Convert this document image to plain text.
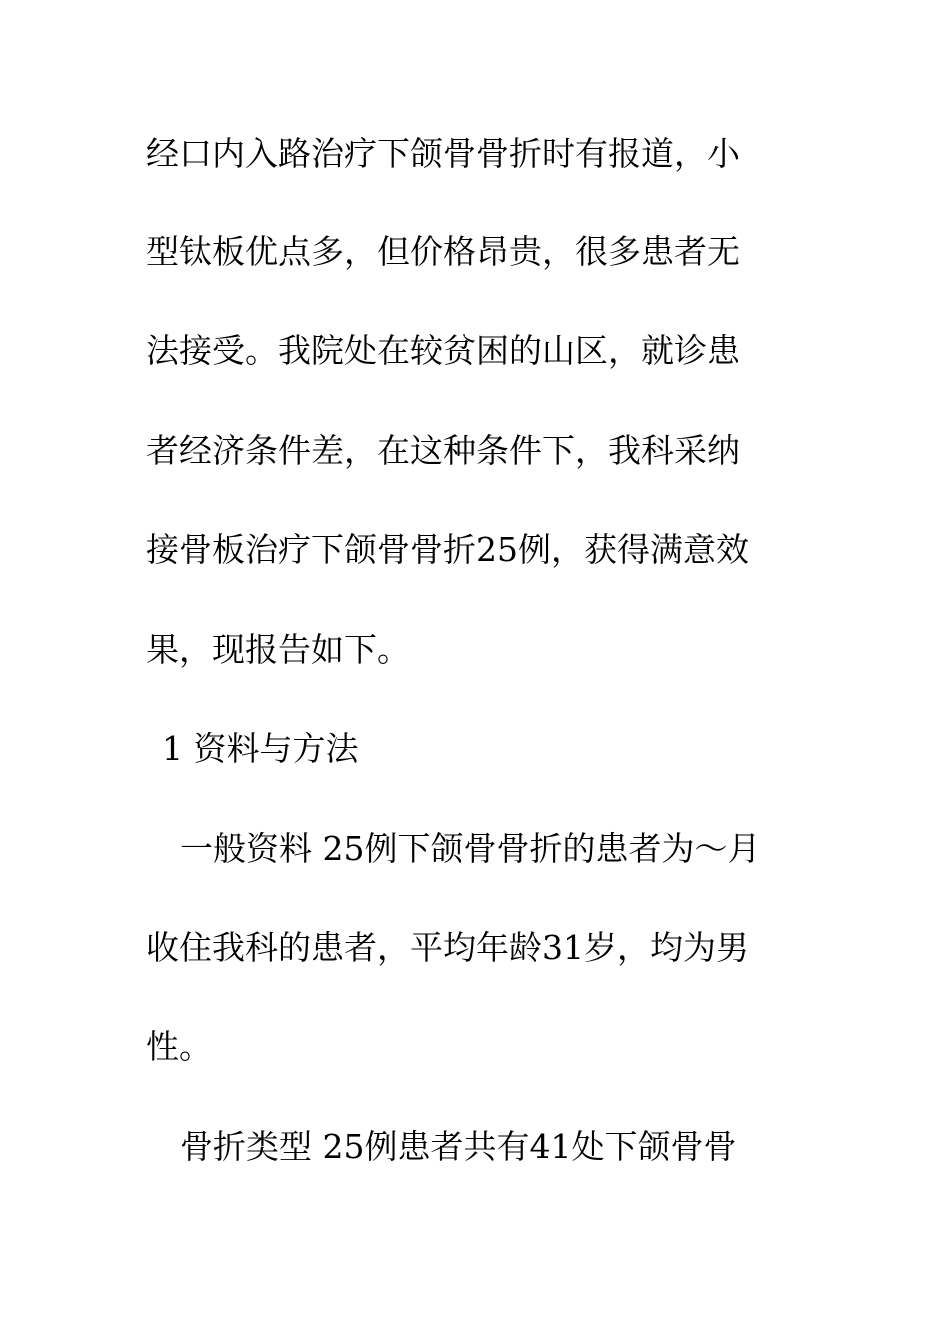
经口内入路治疗下颌骨骨折时有报道，小
型钛板优点多，但价格昂贵，很多患者无
法接受。我院处在较贫困的山区，就诊患
者经济条件差，在这种条件下，我科采纳
接骨板治疗下颌骨骨折25例，获得满意效
果，现报告如下。
1 资料与方法
一般资料 25例下颌骨骨折的患者为～月
收住我科的患者，平均年龄31岁，均为男
性。
骨折类型 25例患者共有41处下颌骨骨
